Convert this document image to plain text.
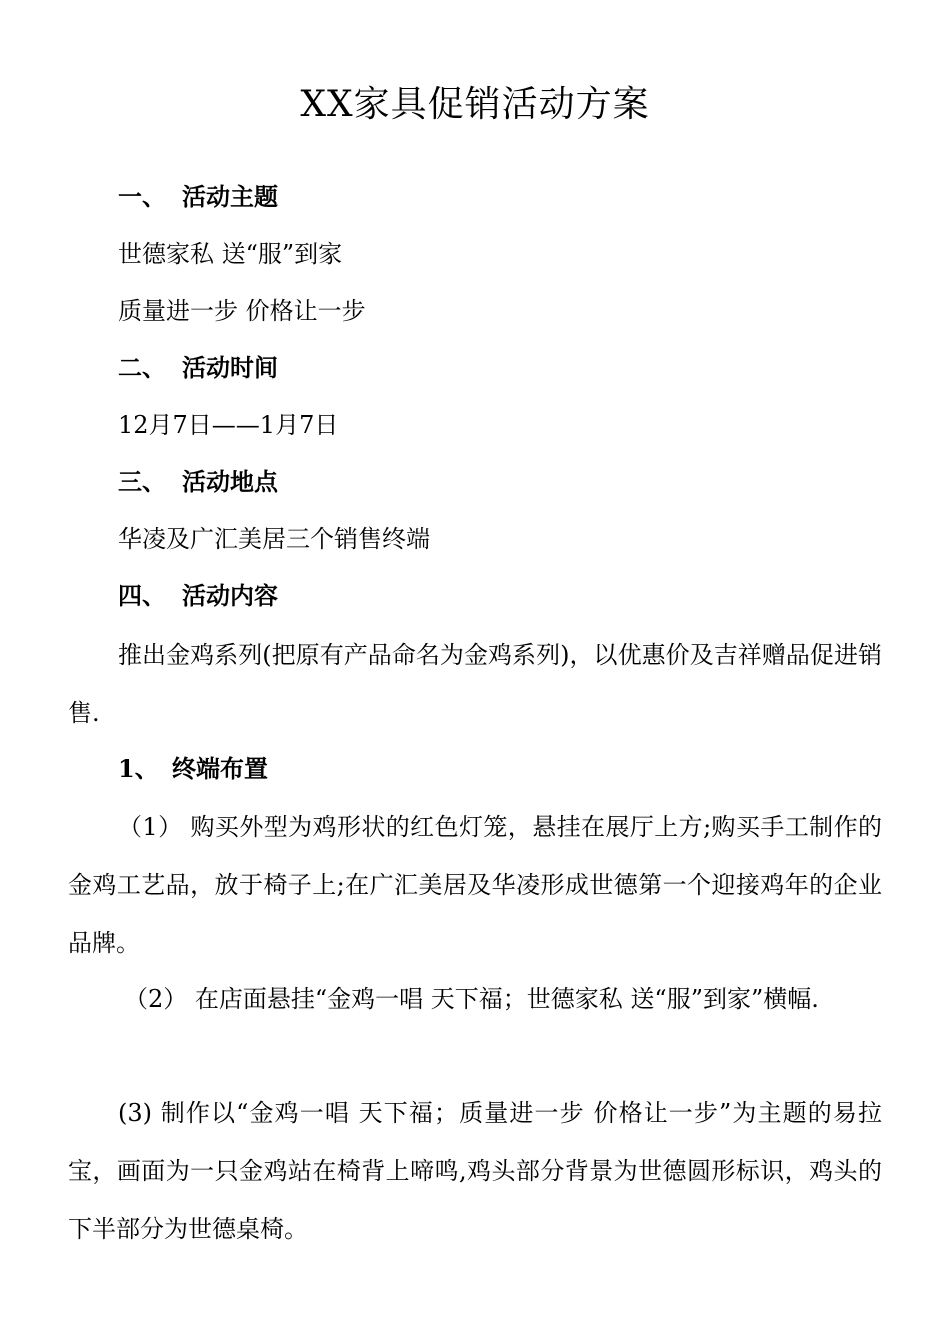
XX家具促销活动方案
一、 活动主题

世德家私 送“服”到家

质量进一步 价格让一步

二、 活动时间

12月7日——1月7日

三、 活动地点

华凌及广汇美居三个销售终端

四、 活动内容

推出金鸡系列(把原有产品命名为金鸡系列)，以优惠价及吉祥赠品促进销售.

1、 终端布置

（1） 购买外型为鸡形状的红色灯笼，悬挂在展厅上方;购买手工制作的金鸡工艺品，放于椅子上;在广汇美居及华凌形成世德第一个迎接鸡年的企业品牌。

（2） 在店面悬挂“金鸡一唱 天下福；世德家私 送“服”到家”横幅.

(3) 制作以“金鸡一唱 天下福；质量进一步 价格让一步”为主题的易拉宝，画面为一只金鸡站在椅背上啼鸣,鸡头部分背景为世德圆形标识，鸡头的下半部分为世德桌椅。
